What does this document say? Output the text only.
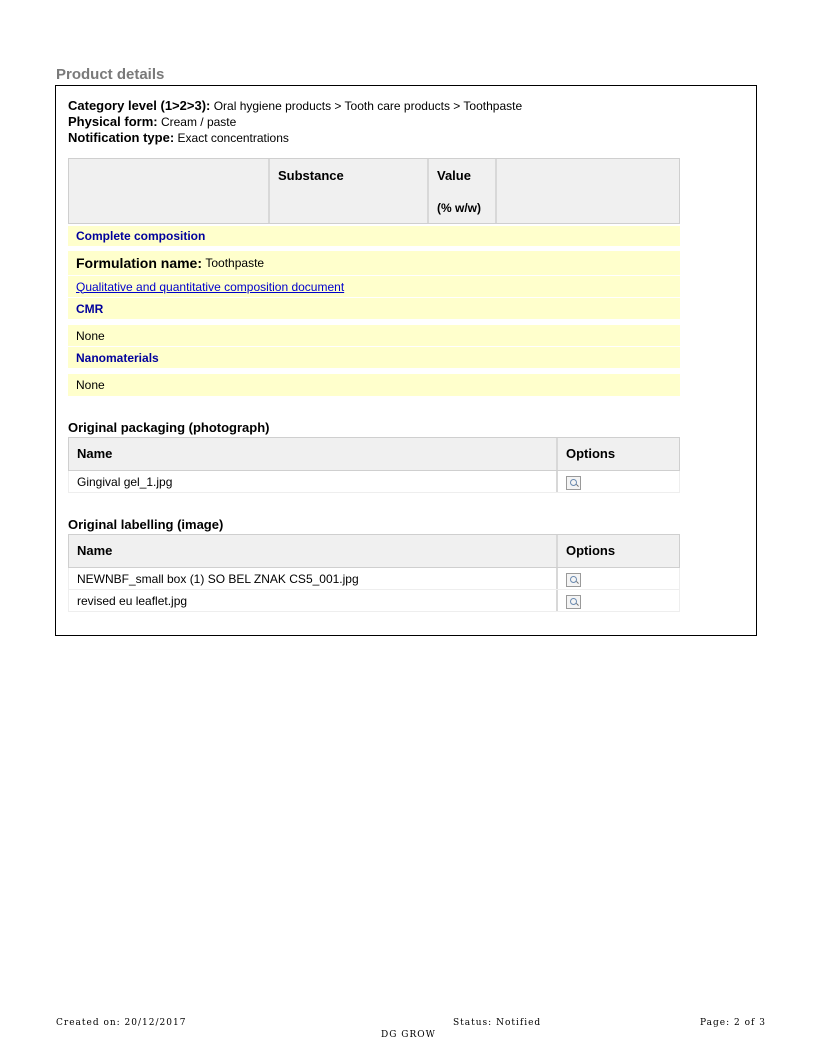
Product details
Category level (1>2>3): Oral hygiene products > Tooth care products > Toothpaste
Physical form: Cream / paste
Notification type: Exact concentrations
Substance	Value
(% w/w)
Complete composition
Formulation name:
Toothpaste
Qualitative and quantitative composition document
CMR
None
Nanomaterials
None
Original packaging (photograph)
Name	Options
Gingival gel_1.jpg
Original labelling (image)
Name	Options
NEWNBF_small box (1) SO BEL ZNAK CS5_001.jpg
revised eu leaflet.jpg
Created on: 20/12/2017	Status: Notified	Page: 2 of 3
DG GROW
